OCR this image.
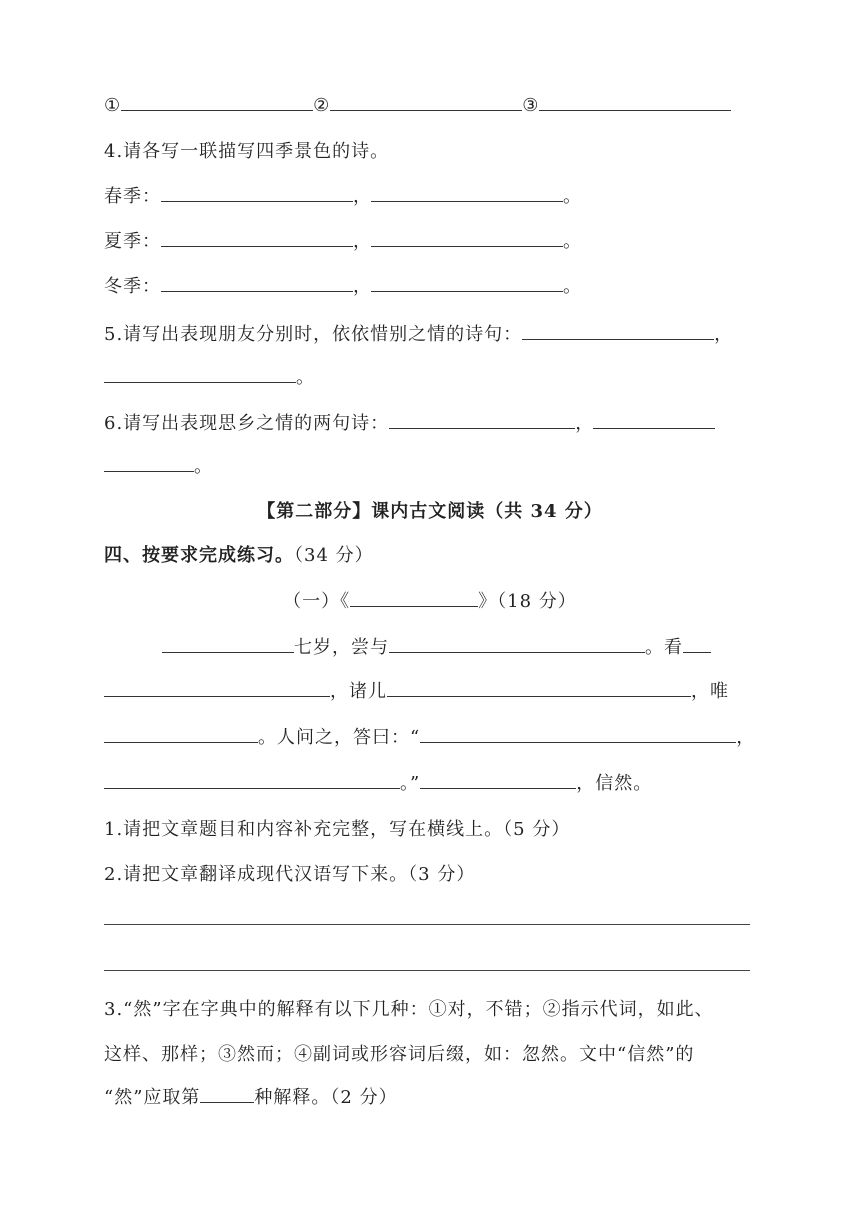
①	②	③
4.请各写一联描写四季景色的诗。
春季：	，	。
夏季：	，	。
冬季：	，	。
5.请写出表现朋友分别时，依依惜别之情的诗句：	，
。
6.请写出表现思乡之情的两句诗：	，
。
【第二部分】课内古文阅读（共 34 分）
四、按要求完成练习。（34 分）
（一）《	》（18 分）
七岁，尝与	。看
，诸儿	，唯
。人问之，答曰：“	，
。”	，信然。
1.请把文章题目和内容补充完整，写在横线上。（5 分）
2.请把文章翻译成现代汉语写下来。（3 分）
3.“然”字在字典中的解释有以下几种：①对，不错；②指示代词，如此、
这样、那样；③然而；④副词或形容词后缀，如：忽然。文中“信然”的
“然”应取第	种解释。（2 分）
